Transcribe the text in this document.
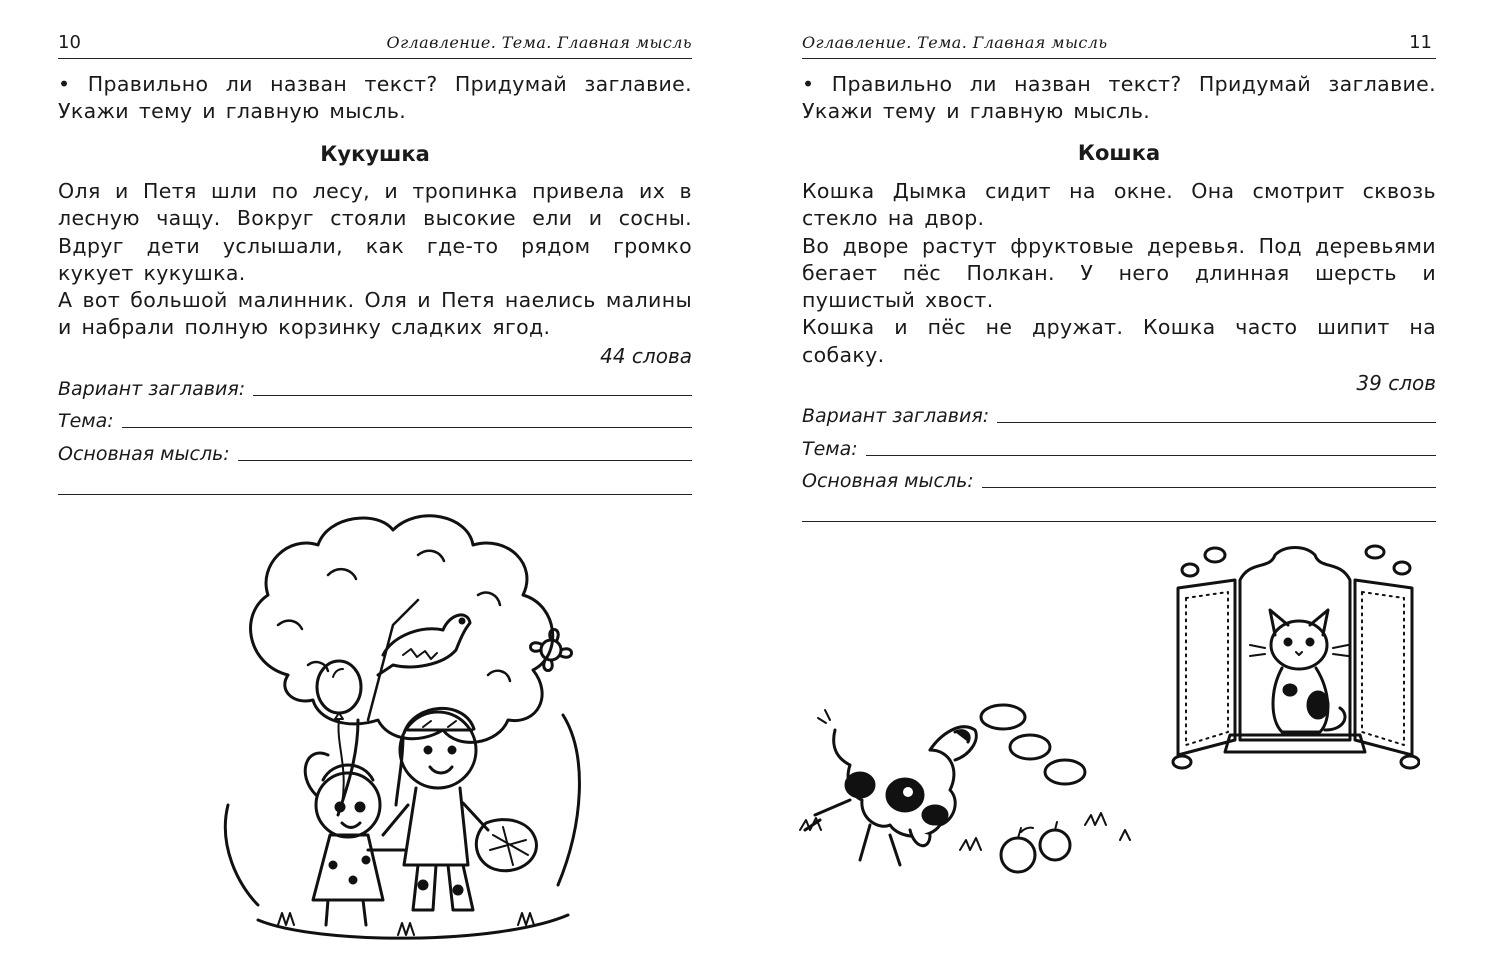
10	Оглавление. Тема. Главная мысль
• Правильно ли назван текст? Придумай заглавие. Укажи тему и главную мысль.
Кукушка

Оля и Петя шли по лесу, и тропинка привела их в лесную чащу. Вокруг стояли высокие ели и сосны. Вдруг дети услышали, как где-то рядом громко кукует кукушка.

А вот большой малинник. Оля и Петя наелись малины и набрали полную корзинку сладких ягод.

44 слова
Вариант заглавия:
Тема:
Основная мысль:
Оглавление. Тема. Главная мысль	11
• Правильно ли назван текст? Придумай заглавие. Укажи тему и главную мысль.
Кошка

Кошка Дымка сидит на окне. Она смотрит сквозь стекло на двор.

Во дворе растут фруктовые деревья. Под деревьями бегает пёс Полкан. У него длинная шерсть и пушистый хвост.

Кошка и пёс не дружат. Кошка часто шипит на собаку.

39 слов
Вариант заглавия:
Тема:
Основная мысль:
